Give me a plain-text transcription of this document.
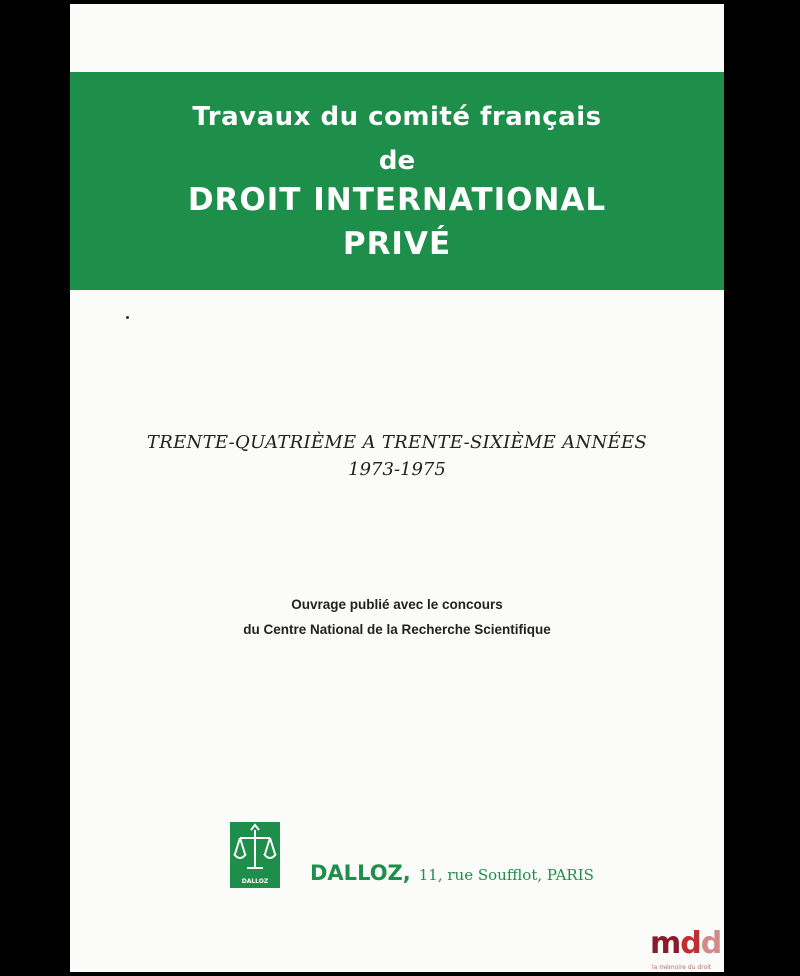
Travaux du comité français
de
DROIT INTERNATIONAL
PRIVÉ
TRENTE-QUATRIÈME A TRENTE-SIXIÈME ANNÉES
1973-1975
Ouvrage publié avec le concours
du Centre National de la Recherche Scientifique
DALLOZ	DALLOZ, 11, rue Soufflot, PARIS
mdd
la mémoire du droit
